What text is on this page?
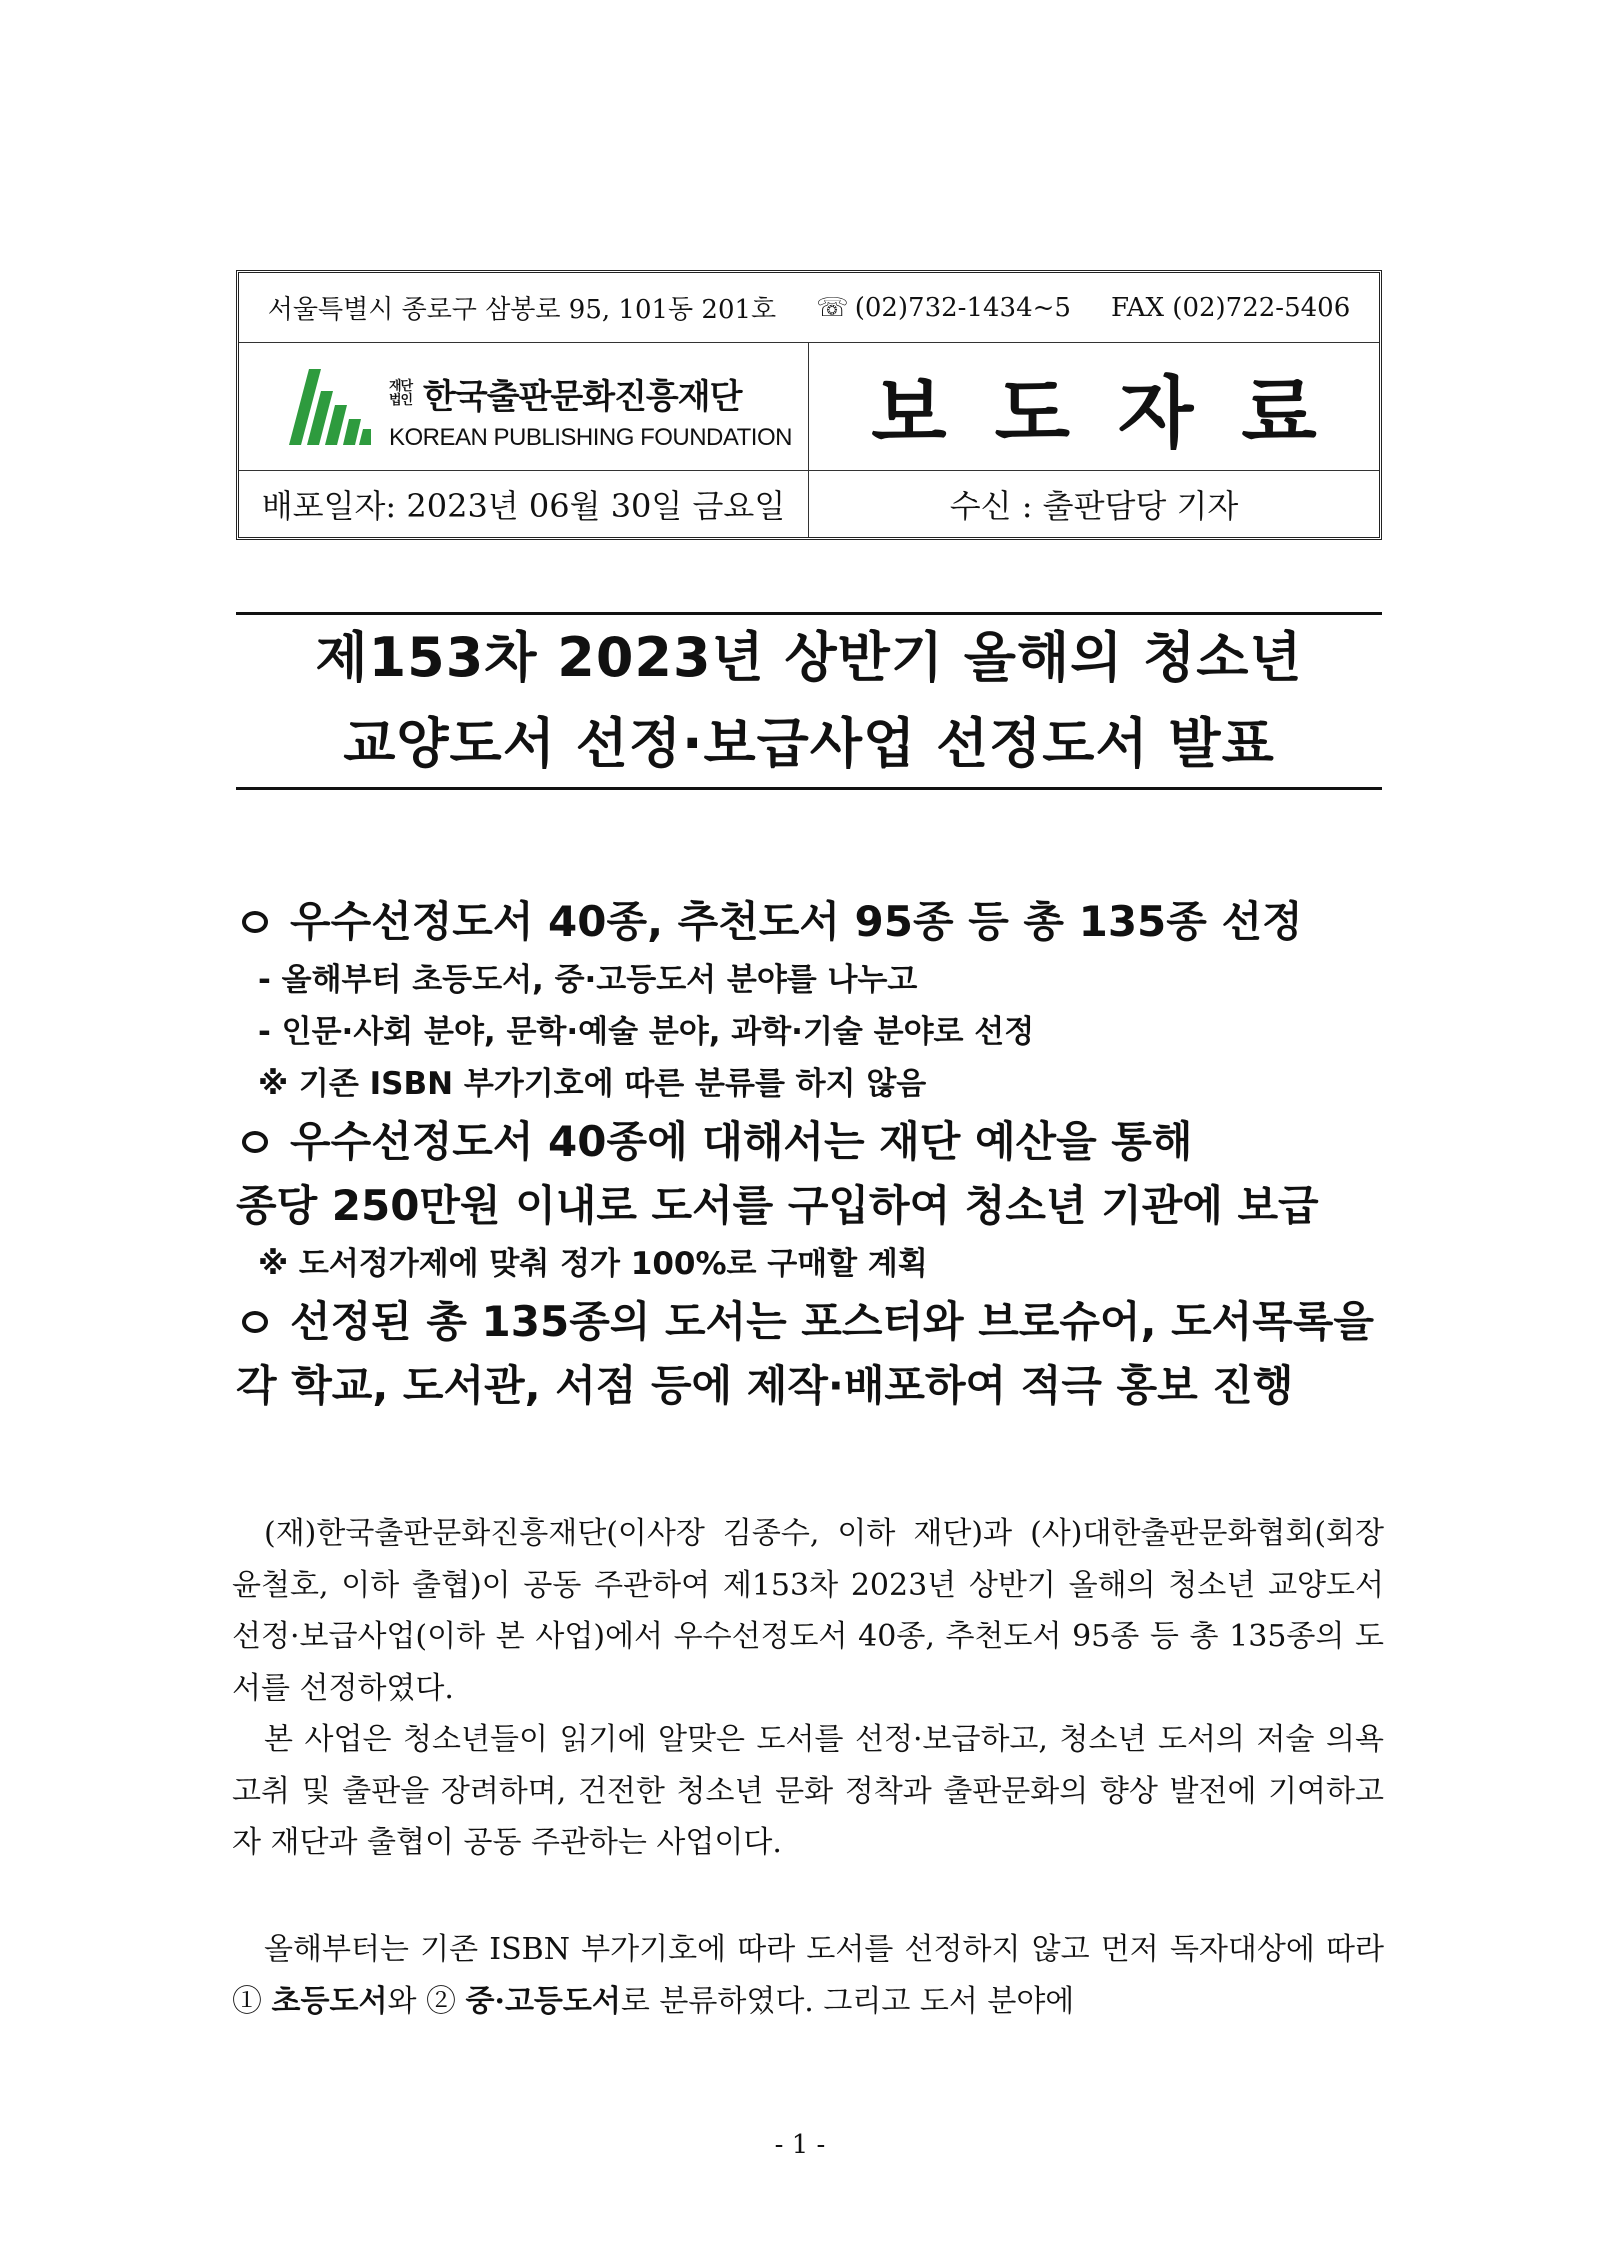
서울특별시 종로구 삼봉로 95, 101동 201호 ☏ (02)732-1434~5 FAX (02)722-5406
재단법인 한국출판문화진흥재단
KOREAN PUBLISHING FOUNDATION	보도자료
배포일자: 2023년 06월 30일 금요일	수신 : 출판담당 기자
제153차 2023년 상반기 올해의 청소년
교양도서 선정·보급사업 선정도서 발표
우수선정도서 40종, 추천도서 95종 등 총 135종 선정
- 올해부터 초등도서, 중·고등도서 분야를 나누고
- 인문·사회 분야, 문학·예술 분야, 과학·기술 분야로 선정
※ 기존 ISBN 부가기호에 따른 분류를 하지 않음
우수선정도서 40종에 대해서는 재단 예산을 통해
종당 250만원 이내로 도서를 구입하여 청소년 기관에 보급
※ 도서정가제에 맞춰 정가 100%로 구매할 계획
선정된 총 135종의 도서는 포스터와 브로슈어, 도서목록을
각 학교, 도서관, 서점 등에 제작·배포하여 적극 홍보 진행

(재)한국출판문화진흥재단(이사장 김종수, 이하 재단)과 (사)대한출판문화협회(회장 윤철호, 이하 출협)이 공동 주관하여 제153차 2023년 상반기 올해의 청소년 교양도서 선정·보급사업(이하 본 사업)에서 우수선정도서 40종, 추천도서 95종 등 총 135종의 도서를 선정하였다.

본 사업은 청소년들이 읽기에 알맞은 도서를 선정·보급하고, 청소년 도서의 저술 의욕 고취 및 출판을 장려하며, 건전한 청소년 문화 정착과 출판문화의 향상 발전에 기여하고자 재단과 출협이 공동 주관하는 사업이다.

올해부터는 기존 ISBN 부가기호에 따라 도서를 선정하지 않고 먼저 독자대상에 따라 ① 초등도서와 ② 중·고등도서로 분류하였다. 그리고 도서 분야에

- 1 -
